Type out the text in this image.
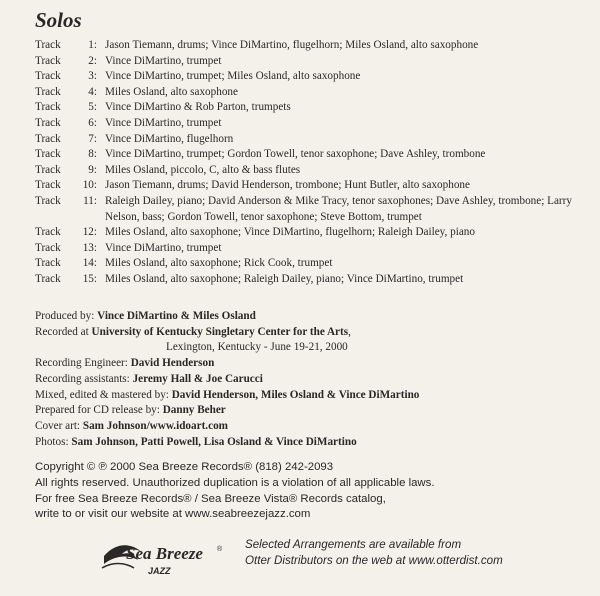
Solos
Track	1: Jason Tiemann, drums; Vince DiMartino, flugelhorn; Miles Osland, alto saxophone
Track	2: Vince DiMartino, trumpet
Track	3: Vince DiMartino, trumpet; Miles Osland, alto saxophone
Track	4: Miles Osland, alto saxophone
Track	5: Vince DiMartino & Rob Parton, trumpets
Track	6: Vince DiMartino, trumpet
Track	7: Vince DiMartino, flugelhorn
Track	8: Vince DiMartino, trumpet; Gordon Towell, tenor saxophone; Dave Ashley, trombone
Track	9: Miles Osland, piccolo, C, alto & bass flutes
Track	10: Jason Tiemann, drums; David Henderson, trombone; Hunt Butler, alto saxophone
Track	11: Raleigh Dailey, piano; David Anderson & Mike Tracy, tenor saxophones; Dave Ashley, trombone; Larry Nelson, bass; Gordon Towell, tenor saxophone; Steve Bottom, trumpet
Track	12: Miles Osland, alto saxophone; Vince DiMartino, flugelhorn; Raleigh Dailey, piano
Track	13: Vince DiMartino, trumpet
Track	14: Miles Osland, alto saxophone; Rick Cook, trumpet
Track	15: Miles Osland, alto saxophone; Raleigh Dailey, piano; Vince DiMartino, trumpet
Produced by: Vince DiMartino & Miles Osland
Recorded at University of Kentucky Singletary Center for the Arts,
Lexington, Kentucky - June 19-21, 2000
Recording Engineer: David Henderson
Recording assistants: Jeremy Hall & Joe Carucci
Mixed, edited & mastered by: David Henderson, Miles Osland & Vince DiMartino
Prepared for CD release by: Danny Beher
Cover art: Sam Johnson/www.idoart.com
Photos: Sam Johnson, Patti Powell, Lisa Osland & Vince DiMartino
Copyright © ℗ 2000 Sea Breeze Records® (818) 242-2093
All rights reserved. Unauthorized duplication is a violation of all applicable laws.
For free Sea Breeze Records® / Sea Breeze Vista® Records catalog,
write to or visit our website at www.seabreezejazz.com
Sea Breeze ®
JAZZ
Selected Arrangements are available from
Otter Distributors on the web at www.otterdist.com
